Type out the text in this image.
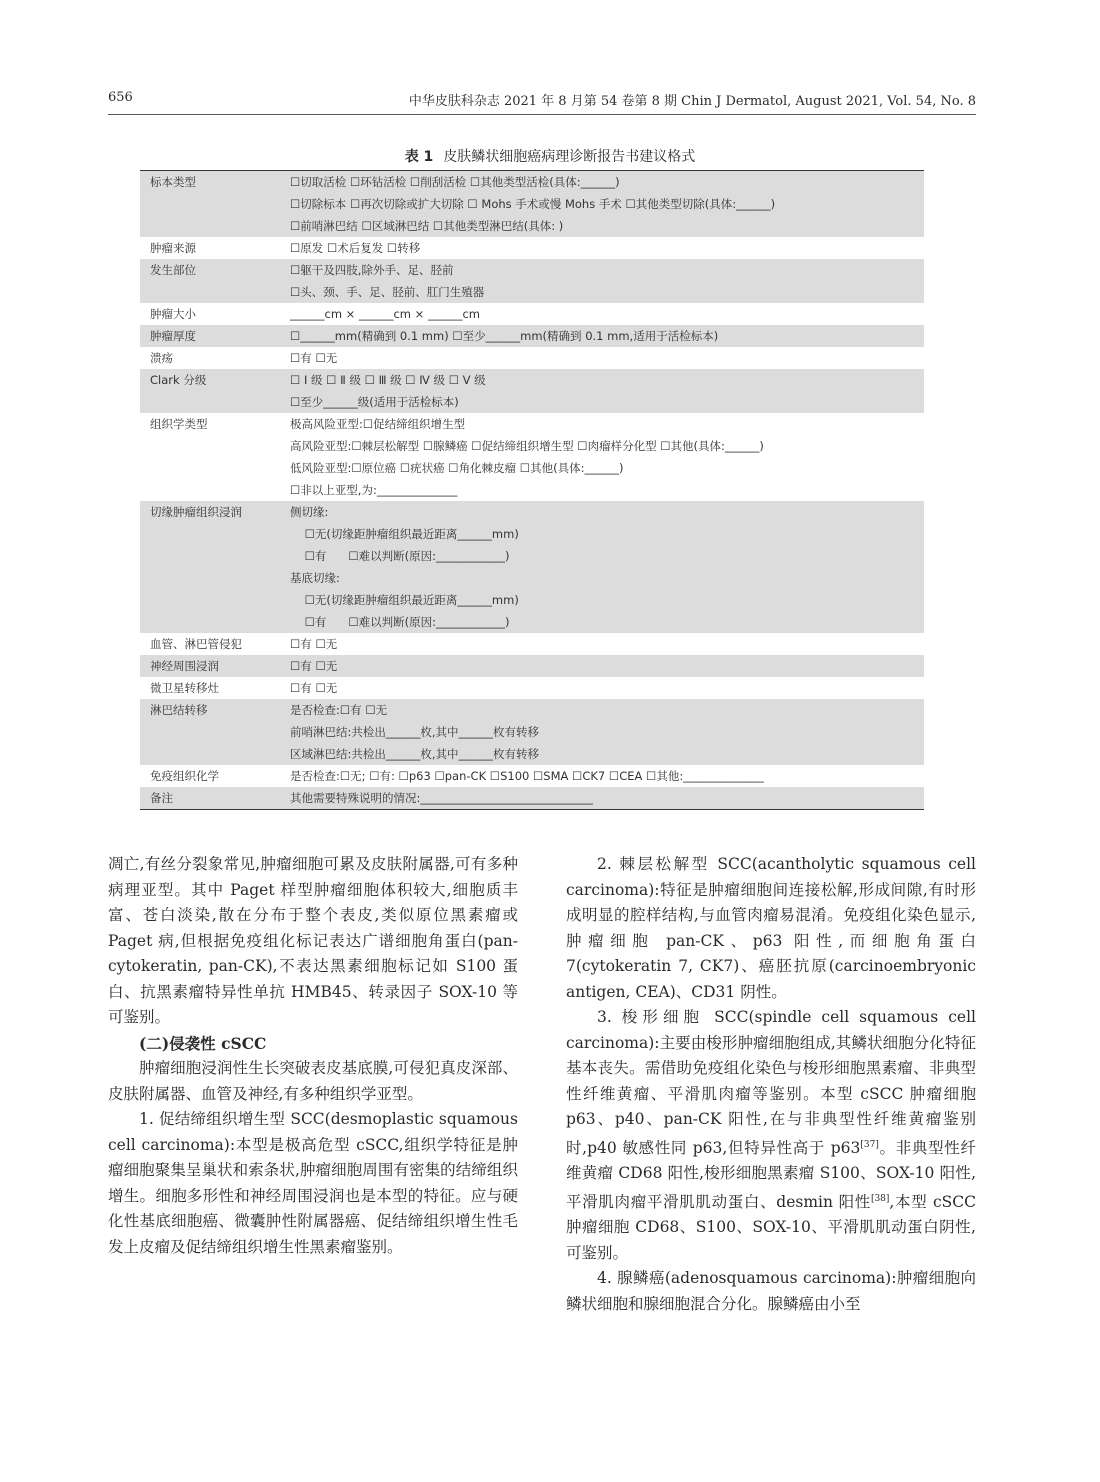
656	中华皮肤科杂志 2021 年 8 月第 54 卷第 8 期 Chin J Dermatol, August 2021, Vol. 54, No. 8
表 1 皮肤鳞状细胞癌病理诊断报告书建议格式
标本类型	☐切取活检 ☐环钻活检 ☐削刮活检 ☐其他类型活检(具体:______)
☐切除标本 ☐再次切除或扩大切除 ☐ Mohs 手术或慢 Mohs 手术 ☐其他类型切除(具体:______)
☐前哨淋巴结 ☐区域淋巴结 ☐其他类型淋巴结(具体: )
肿瘤来源	☐原发 ☐术后复发 ☐转移
发生部位	☐躯干及四肢,除外手、足、胫前
☐头、颈、手、足、胫前、肛门生殖器
肿瘤大小	______cm × ______cm × ______cm
肿瘤厚度	☐______mm(精确到 0.1 mm) ☐至少______mm(精确到 0.1 mm,适用于活检标本)
溃疡	☐有 ☐无
Clark 分级	☐ Ⅰ 级 ☐ Ⅱ 级 ☐ Ⅲ 级 ☐ Ⅳ 级 ☐ Ⅴ 级
☐至少______级(适用于活检标本)
组织学类型	极高风险亚型:☐促结缔组织增生型
高风险亚型:☐棘层松解型 ☐腺鳞癌 ☐促结缔组织增生型 ☐肉瘤样分化型 ☐其他(具体:______)
低风险亚型:☐原位癌 ☐疣状癌 ☐角化棘皮瘤 ☐其他(具体:______)
☐非以上亚型,为:______________
切缘肿瘤组织浸润	侧切缘:
☐无(切缘距肿瘤组织最近距离______mm)
☐有      ☐难以判断(原因:____________)
基底切缘:
☐无(切缘距肿瘤组织最近距离______mm)
☐有      ☐难以判断(原因:____________)
血管、淋巴管侵犯	☐有 ☐无
神经周围浸润	☐有 ☐无
微卫星转移灶	☐有 ☐无
淋巴结转移	是否检查:☐有 ☐无
前哨淋巴结:共检出______枚,其中______枚有转移
区域淋巴结:共检出______枚,其中______枚有转移
免疫组织化学	是否检查:☐无; ☐有: ☐p63 ☐pan-CK ☐S100 ☐SMA ☐CK7 ☐CEA ☐其他:______________
备注	其他需要特殊说明的情况:______________________________

凋亡,有丝分裂象常见,肿瘤细胞可累及皮肤附属器,可有多种病理亚型。其中 Paget 样型肿瘤细胞体积较大,细胞质丰富、苍白淡染,散在分布于整个表皮,类似原位黑素瘤或 Paget 病,但根据免疫组化标记表达广谱细胞角蛋白(pan-cytokeratin, pan-CK),不表达黑素细胞标记如 S100 蛋白、抗黑素瘤特异性单抗 HMB45、转录因子 SOX-10 等可鉴别。

(二)侵袭性 cSCC

肿瘤细胞浸润性生长突破表皮基底膜,可侵犯真皮深部、皮肤附属器、血管及神经,有多种组织学亚型。

1. 促结缔组织增生型 SCC(desmoplastic squamous cell carcinoma):本型是极高危型 cSCC,组织学特征是肿瘤细胞聚集呈巢状和索条状,肿瘤细胞周围有密集的结缔组织增生。细胞多形性和神经周围浸润也是本型的特征。应与硬化性基底细胞癌、微囊肿性附属器癌、促结缔组织增生性毛发上皮瘤及促结缔组织增生性黑素瘤鉴别。

2. 棘层松解型 SCC(acantholytic squamous cell carcinoma):特征是肿瘤细胞间连接松解,形成间隙,有时形成明显的腔样结构,与血管肉瘤易混淆。免疫组化染色显示,肿瘤细胞 pan-CK、p63 阳性,而细胞角蛋白 7(cytokeratin 7, CK7)、癌胚抗原(carcinoembryonic antigen, CEA)、CD31 阴性。

3. 梭形细胞 SCC(spindle cell squamous cell carcinoma):主要由梭形肿瘤细胞组成,其鳞状细胞分化特征基本丧失。需借助免疫组化染色与梭形细胞黑素瘤、非典型性纤维黄瘤、平滑肌肉瘤等鉴别。本型 cSCC 肿瘤细胞 p63、p40、pan-CK 阳性,在与非典型性纤维黄瘤鉴别时,p40 敏感性同 p63,但特异性高于 p63[37]。非典型性纤维黄瘤 CD68 阳性,梭形细胞黑素瘤 S100、SOX-10 阳性,平滑肌肉瘤平滑肌肌动蛋白、desmin 阳性[38],本型 cSCC 肿瘤细胞 CD68、S100、SOX-10、平滑肌肌动蛋白阴性,可鉴别。

4. 腺鳞癌(adenosquamous carcinoma):肿瘤细胞向鳞状细胞和腺细胞混合分化。腺鳞癌由小至
